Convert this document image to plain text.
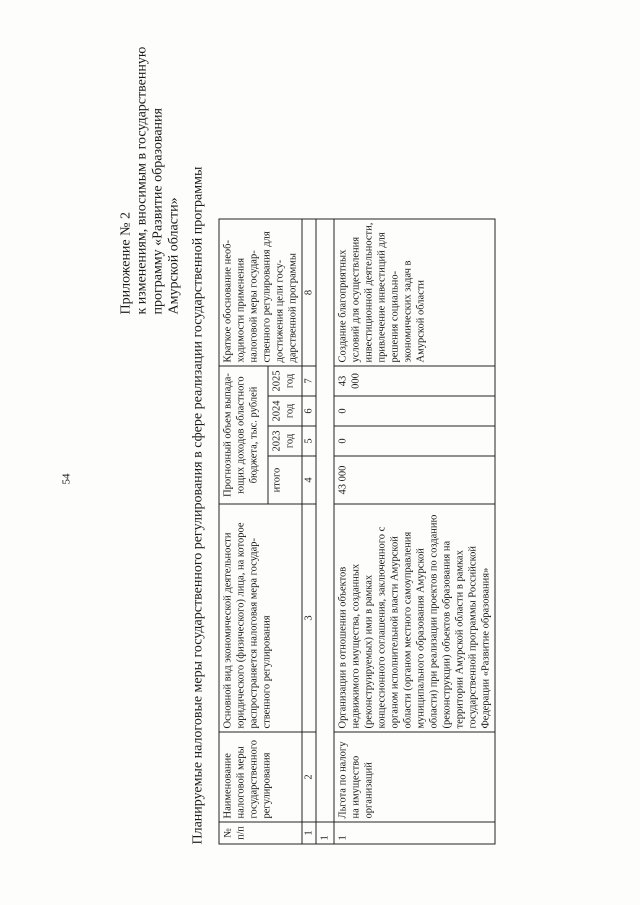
54
Приложение № 2 к изменениям, вносимым в государственную программу «Развитие образования Амурской области» Планируемые налоговые меры государственного регулирования в сфере реализации государственной программы № п/п	Наименование налоговой меры государственного регулирования	Основной вид экономической деятельности юридического (физического) лица, на которое распространяется налоговая мера государ-ственного регулирования	Прогнозный объем выпада-ющих доходов областного бюджета, тыс. рублей				Краткое обоснование необ-ходимости применения налоговой меры государ-ственного регулирования для достижения цели госу-дарственной программы
			итого	2023 год	2024 год	2025 год	
1	2	3	4	5	6	7	8
1							
1	Льгота по налогу на имущество организаций	Организации в отношении объектов недвижимого имущества, созданных (реконструируемых) ими в рамках концессионного соглашения, заключенного с органом исполнительной власти Амурской области (органом местного самоуправления муниципального образования Амурской области) при реализации проектов по созданию (реконструкции) объектов образования на территории Амурской области в рамках государственной программы Российской Федерации «Развитие образования»	43 000	0	0	43 000	Создание благоприятных условий для осуществления инвестиционной деятельности, привлечение инвестиций для решения социально-экономических задач в Амурской области
